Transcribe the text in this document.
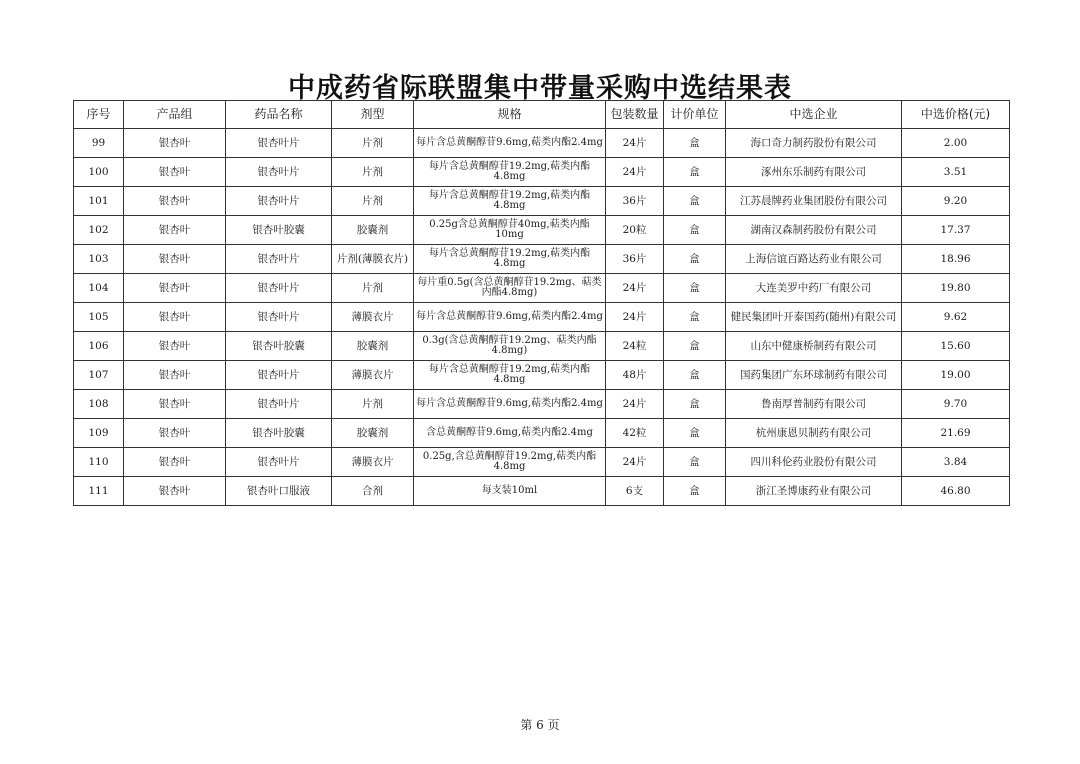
中成药省际联盟集中带量采购中选结果表
序号	产品组	药品名称	剂型	规格	包装数量	计价单位	中选企业	中选价格(元)
99	银杏叶	银杏叶片	片剂	每片含总黄酮醇苷9.6mg,萜类内酯2.4mg	24片	盒	海口奇力制药股份有限公司	2.00
100	银杏叶	银杏叶片	片剂	每片含总黄酮醇苷19.2mg,萜类内酯4.8mg	24片	盒	涿州东乐制药有限公司	3.51
101	银杏叶	银杏叶片	片剂	每片含总黄酮醇苷19.2mg,萜类内酯4.8mg	36片	盒	江苏晨牌药业集团股份有限公司	9.20
102	银杏叶	银杏叶胶囊	胶囊剂	0.25g含总黄酮醇苷40mg,萜类内酯10mg	20粒	盒	湖南汉森制药股份有限公司	17.37
103	银杏叶	银杏叶片	片剂(薄膜衣片)	每片含总黄酮醇苷19.2mg,萜类内酯4.8mg	36片	盒	上海信谊百路达药业有限公司	18.96
104	银杏叶	银杏叶片	片剂	每片重0.5g(含总黄酮醇苷19.2mg、萜类内酯4.8mg)	24片	盒	大连美罗中药厂有限公司	19.80
105	银杏叶	银杏叶片	薄膜衣片	每片含总黄酮醇苷9.6mg,萜类内酯2.4mg	24片	盒	健民集团叶开泰国药(随州)有限公司	9.62
106	银杏叶	银杏叶胶囊	胶囊剂	0.3g(含总黄酮醇苷19.2mg、萜类内酯4.8mg)	24粒	盒	山东中健康桥制药有限公司	15.60
107	银杏叶	银杏叶片	薄膜衣片	每片含总黄酮醇苷19.2mg,萜类内酯4.8mg	48片	盒	国药集团广东环球制药有限公司	19.00
108	银杏叶	银杏叶片	片剂	每片含总黄酮醇苷9.6mg,萜类内酯2.4mg	24片	盒	鲁南厚普制药有限公司	9.70
109	银杏叶	银杏叶胶囊	胶囊剂	含总黄酮醇苷9.6mg,萜类内酯2.4mg	42粒	盒	杭州康恩贝制药有限公司	21.69
110	银杏叶	银杏叶片	薄膜衣片	0.25g,含总黄酮醇苷19.2mg,萜类内酯4.8mg	24片	盒	四川科伦药业股份有限公司	3.84
111	银杏叶	银杏叶口服液	合剂	每支装10ml	6支	盒	浙江圣博康药业有限公司	46.80
第 6 页
